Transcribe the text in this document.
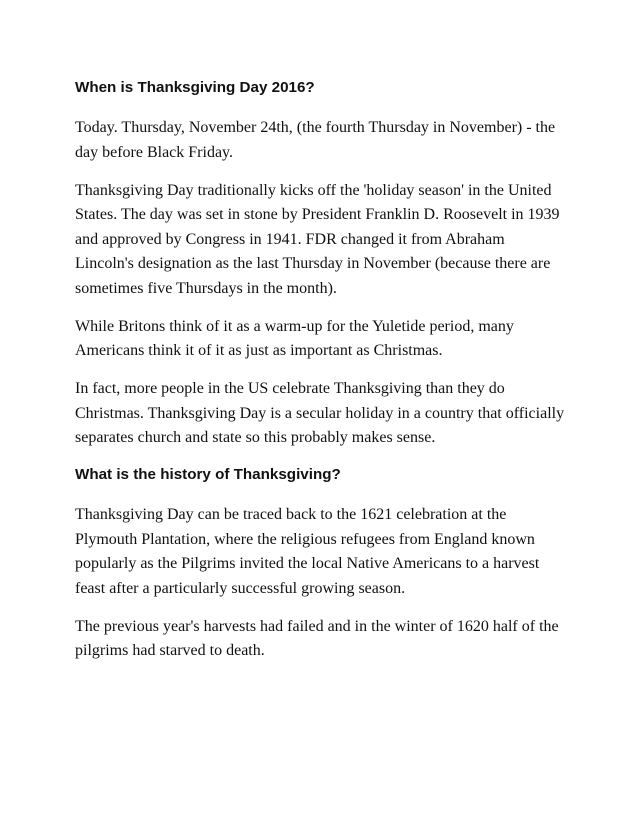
When is Thanksgiving Day 2016?

Today. Thursday, November 24th, (the fourth Thursday in November) - the day before Black Friday.

Thanksgiving Day traditionally kicks off the 'holiday season' in the United States. The day was set in stone by President Franklin D. Roosevelt in 1939 and approved by Congress in 1941. FDR changed it from Abraham Lincoln's designation as the last Thursday in November (because there are sometimes five Thursdays in the month).

While Britons think of it as a warm-up for the Yuletide period, many Americans think it of it as just as important as Christmas.

In fact, more people in the US celebrate Thanksgiving than they do Christmas. Thanksgiving Day is a secular holiday in a country that officially separates church and state so this probably makes sense.

What is the history of Thanksgiving?

Thanksgiving Day can be traced back to the 1621 celebration at the Plymouth Plantation, where the religious refugees from England known popularly as the Pilgrims invited the local Native Americans to a harvest feast after a particularly successful growing season.

The previous year's harvests had failed and in the winter of 1620 half of the pilgrims had starved to death.
